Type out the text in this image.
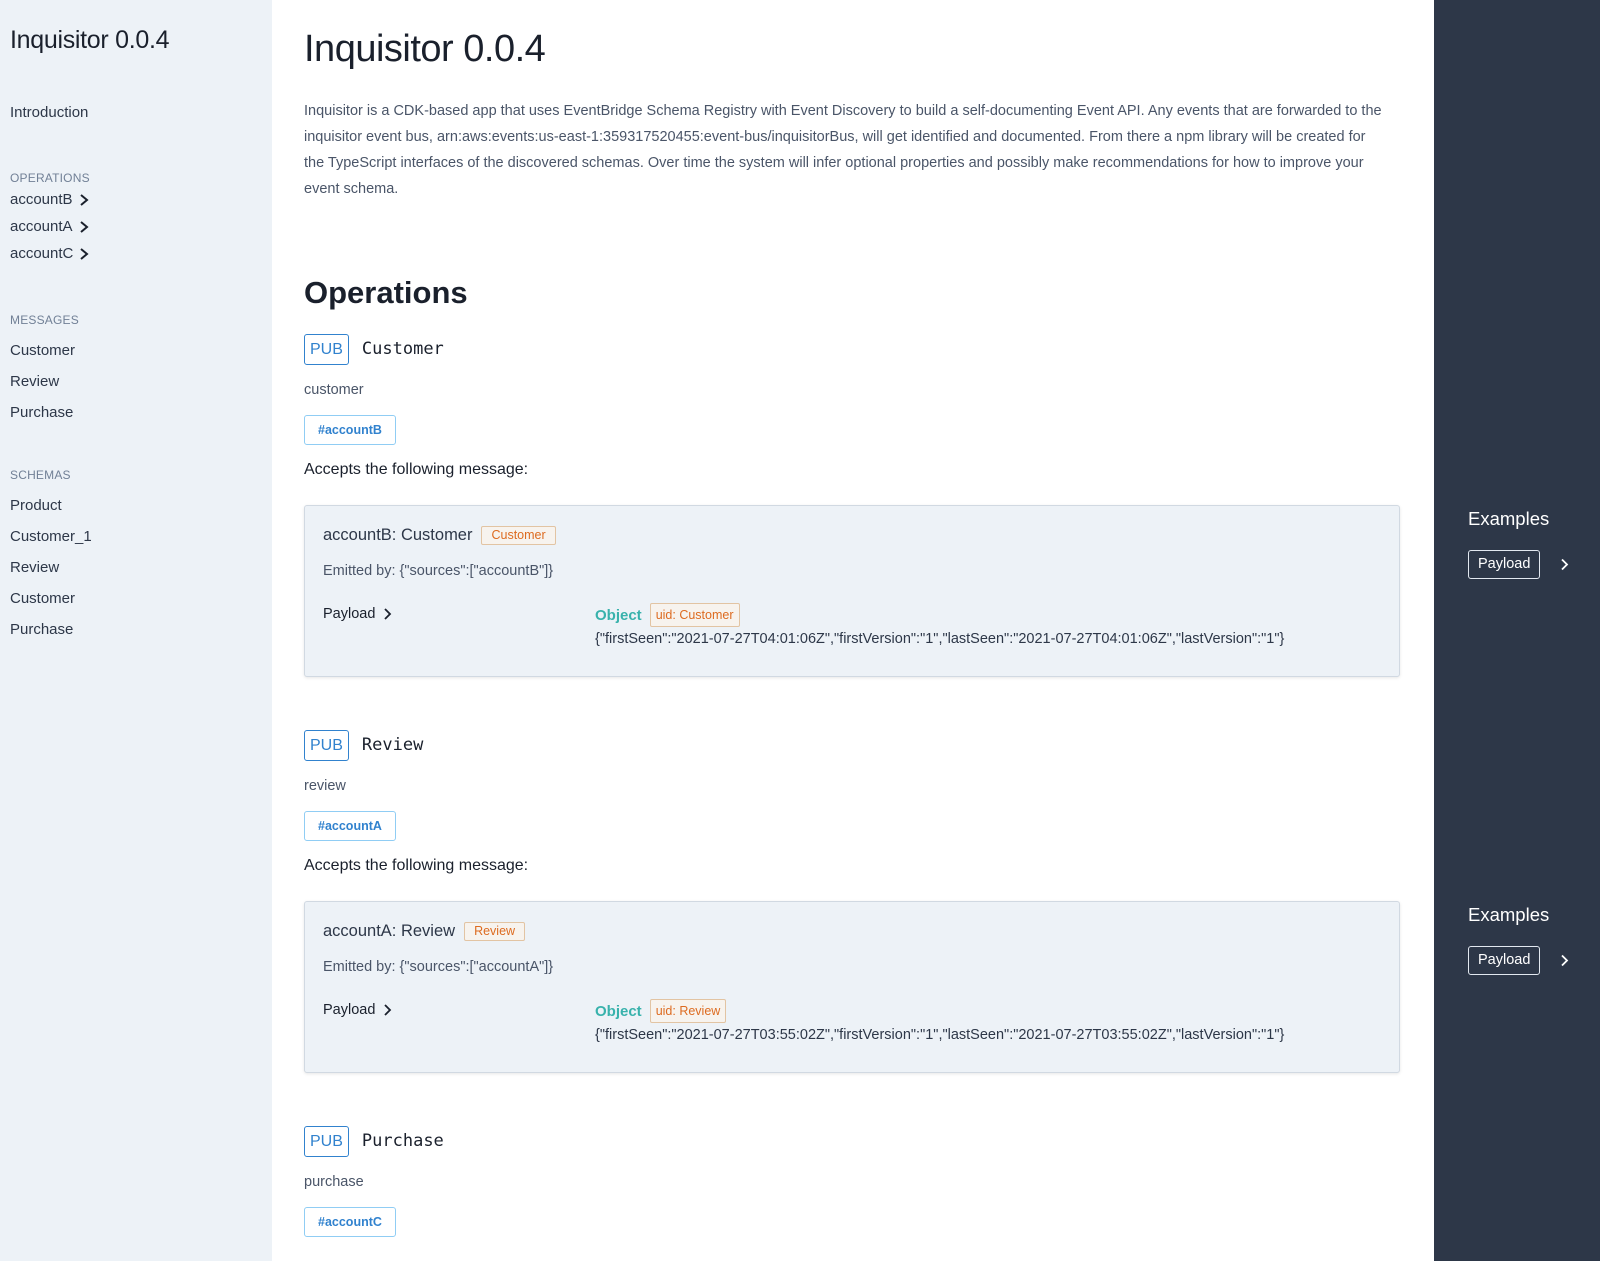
Inquisitor 0.0.4
Introduction
OPERATIONS
accountB
accountA
accountC
MESSAGES
Customer
Review
Purchase
SCHEMAS
Product
Customer_1
Review
Customer
Purchase
Inquisitor 0.0.4

Inquisitor is a CDK-based app that uses EventBridge Schema Registry with Event Discovery to build a self-documenting Event API. Any events that are forwarded to the inquisitor event bus, arn:aws:events:us-east-1:359317520455:event-bus/inquisitorBus, will get identified and documented. From there a npm library will be created for the TypeScript interfaces of the discovered schemas. Over time the system will infer optional properties and possibly make recommendations for how to improve your event schema.

Operations
PUB	Customer
customer
#accountB
Accepts the following message:
accountB: Customer	Customer
Emitted by: {"sources":["accountB"]}
Payload	Object	uid: Customer
{"firstSeen":"2021-07-27T04:01:06Z","firstVersion":"1","lastSeen":"2021-07-27T04:01:06Z","lastVersion":"1"}
PUB	Review
review
#accountA
Accepts the following message:
accountA: Review	Review
Emitted by: {"sources":["accountA"]}
Payload	Object	uid: Review
{"firstSeen":"2021-07-27T03:55:02Z","firstVersion":"1","lastSeen":"2021-07-27T03:55:02Z","lastVersion":"1"}
PUB	Purchase
purchase
#accountC
Examples
Payload
Examples
Payload
